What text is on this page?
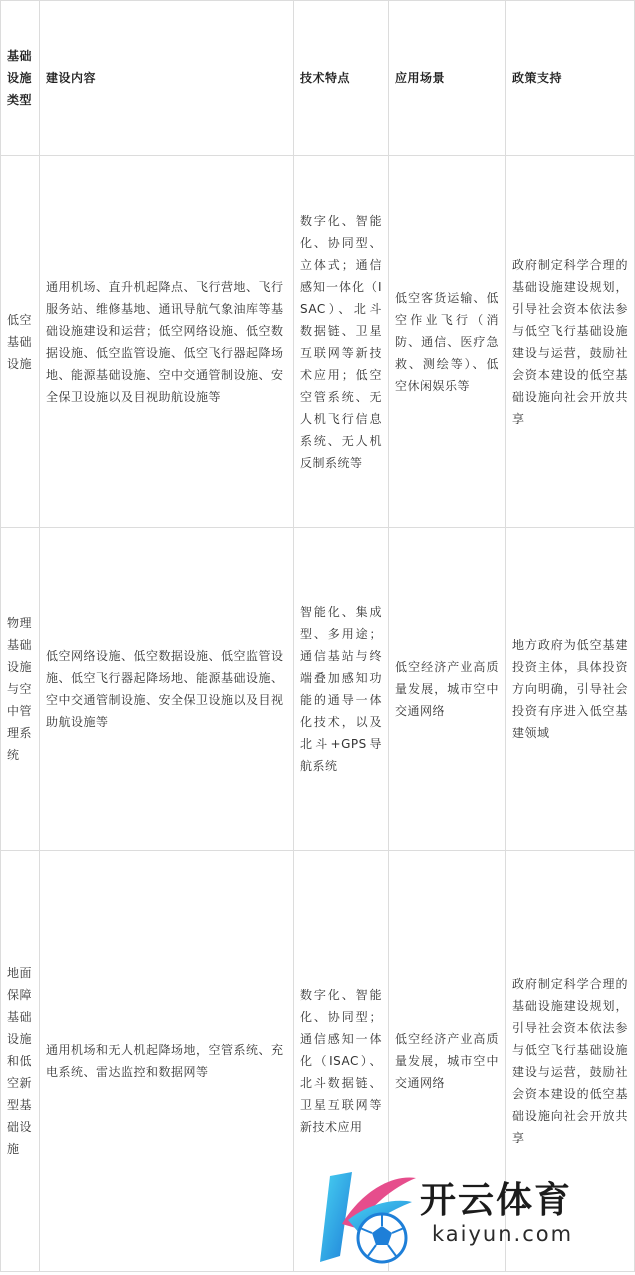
基础设施类型	建设内容	技术特点	应用场景	政策支持

低空基础设施	通用机场、直升机起降点、飞行营地、飞行服务站、维修基地、通讯导航气象油库等基础设施建设和运营；低空网络设施、低空数据设施、低空监管设施、低空飞行器起降场地、能源基础设施、空中交通管制设施、安全保卫设施以及目视助航设施等	数字化、智能化、协同型、立体式；通信感知一体化（ISAC）、北斗数据链、卫星互联网等新技术应用；低空空管系统、无人机飞行信息系统、无人机反制系统等	低空客货运输、低空作业飞行（消防、通信、医疗急救、测绘等）、低空休闲娱乐等	政府制定科学合理的基础设施建设规划，引导社会资本依法参与低空飞行基础设施建设与运营，鼓励社会资本建设的低空基础设施向社会开放共享

物理基础设施与空中管理系统	低空网络设施、低空数据设施、低空监管设施、低空飞行器起降场地、能源基础设施、空中交通管制设施、安全保卫设施以及目视助航设施等	智能化、集成型、多用途；通信基站与终端叠加感知功能的通导一体化技术，以及北斗+GPS导航系统	低空经济产业高质量发展，城市空中交通网络	地方政府为低空基建投资主体，具体投资方向明确，引导社会投资有序进入低空基建领域

地面保障基础设施和低空新型基础设施	通用机场和无人机起降场地，空管系统、充电系统、雷达监控和数据网等	数字化、智能化、协同型；通信感知一体化（ISAC）、北斗数据链、卫星互联网等新技术应用	低空经济产业高质量发展，城市空中交通网络	政府制定科学合理的基础设施建设规划，引导社会资本依法参与低空飞行基础设施建设与运营，鼓励社会资本建设的低空基础设施向社会开放共享
开云体育
kaiyun.com
